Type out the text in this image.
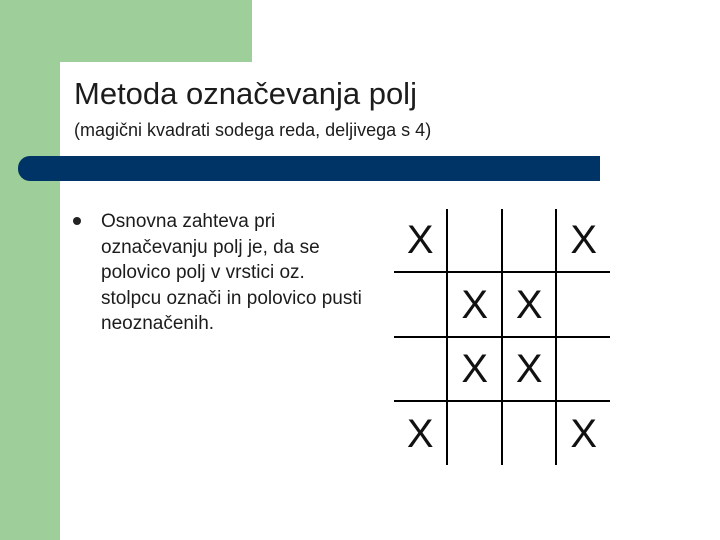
Metoda označevanja polj
(magični kvadrati sodega reda, deljivega s 4)
Osnovna zahteva pri označevanju polj je, da se polovico polj v vrstici oz. stolpcu označi in polovico pusti neoznačenih.
X			X
	X	X	
	X	X	
X			X
